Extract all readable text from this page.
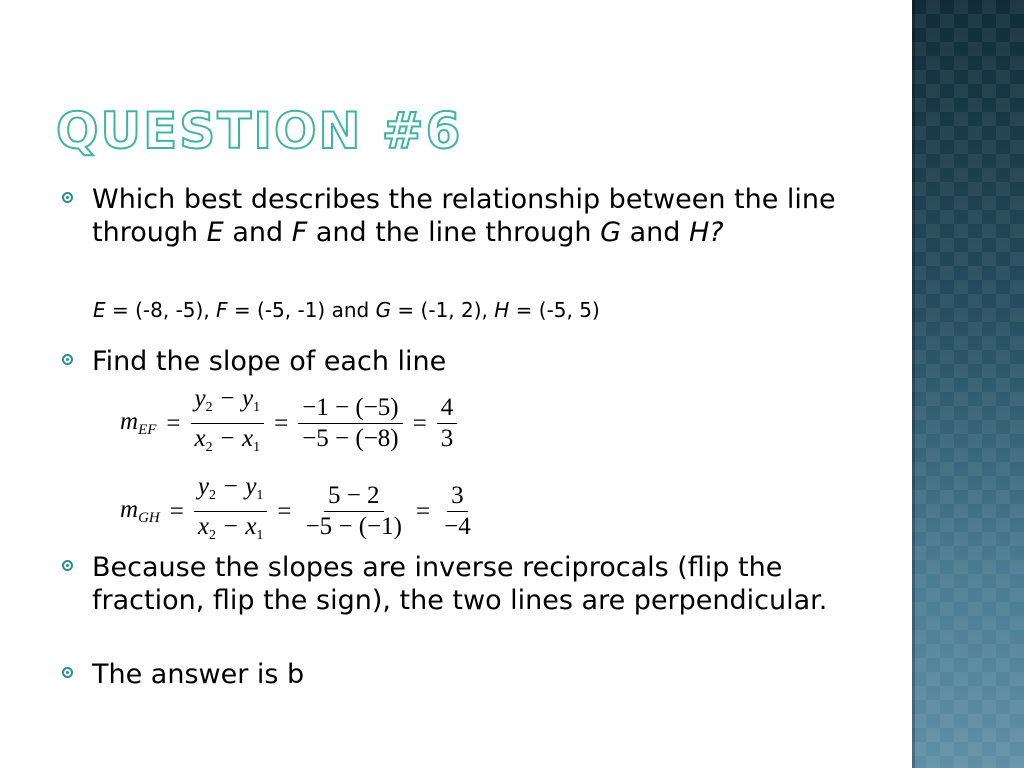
QUESTION #6
Which best describes the relationship between the line through E and F and the line through G and H?
E = (-8, -5), F = (-5, -1) and G = (-1, 2), H = (-5, 5)
Find the slope of each line
$m_{EF} = \frac{y_2 - y_1}{x_2 - x_1} = \frac{-1 - (-5)}{-5 - (-8)} = \frac{4}{3}$
$m_{GH} = \frac{y_2 - y_1}{x_2 - x_1} = \frac{5 - 2}{-5 - (-1)} = \frac{3}{-4}$
Because the slopes are inverse reciprocals (flip the fraction, flip the sign), the two lines are perpendicular.
The answer is b
